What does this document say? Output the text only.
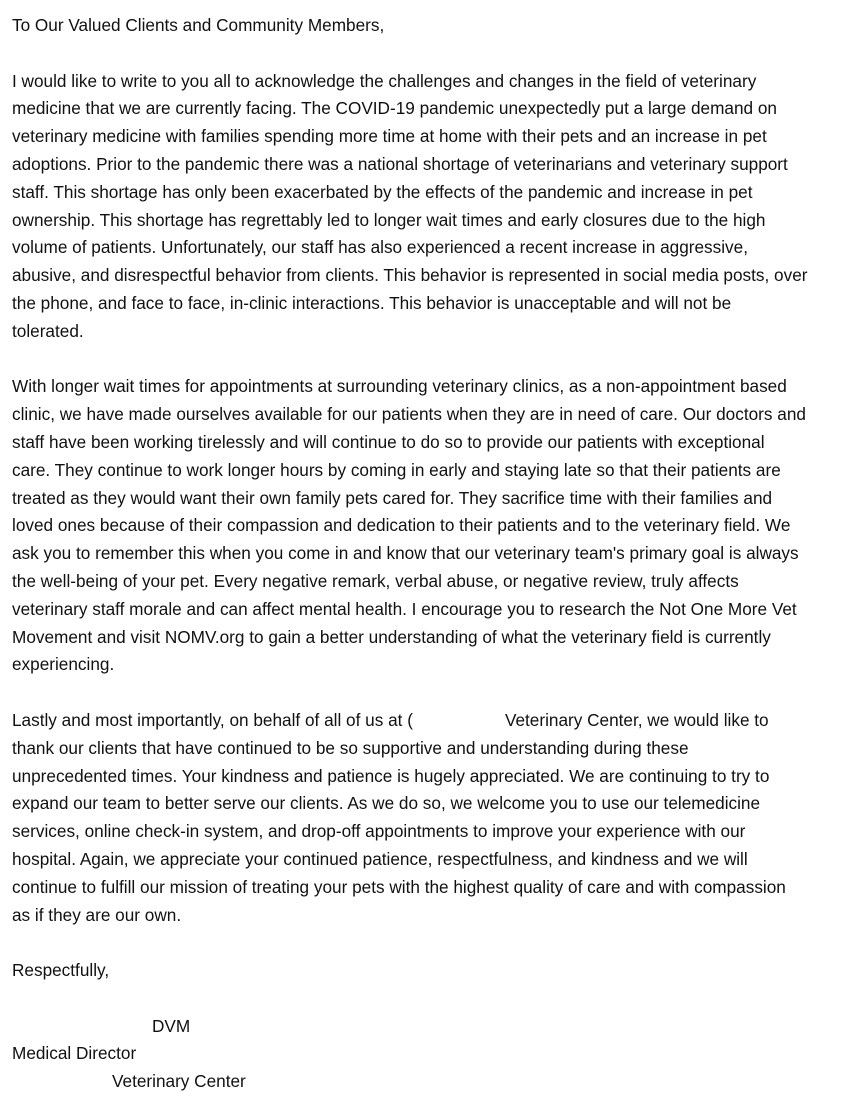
To Our Valued Clients and Community Members,

I would like to write to you all to acknowledge the challenges and changes in the field of veterinary
medicine that we are currently facing. The COVID-19 pandemic unexpectedly put a large demand on
veterinary medicine with families spending more time at home with their pets and an increase in pet
adoptions. Prior to the pandemic there was a national shortage of veterinarians and veterinary support
staff. This shortage has only been exacerbated by the effects of the pandemic and increase in pet
ownership. This shortage has regrettably led to longer wait times and early closures due to the high
volume of patients. Unfortunately, our staff has also experienced a recent increase in aggressive,
abusive, and disrespectful behavior from clients. This behavior is represented in social media posts, over
the phone, and face to face, in-clinic interactions. This behavior is unacceptable and will not be
tolerated.

With longer wait times for appointments at surrounding veterinary clinics, as a non-appointment based
clinic, we have made ourselves available for our patients when they are in need of care. Our doctors and
staff have been working tirelessly and will continue to do so to provide our patients with exceptional
care. They continue to work longer hours by coming in early and staying late so that their patients are
treated as they would want their own family pets cared for. They sacrifice time with their families and
loved ones because of their compassion and dedication to their patients and to the veterinary field. We
ask you to remember this when you come in and know that our veterinary team's primary goal is always
the well-being of your pet. Every negative remark, verbal abuse, or negative review, truly affects
veterinary staff morale and can affect mental health. I encourage you to research the Not One More Vet
Movement and visit NOMV.org to gain a better understanding of what the veterinary field is currently
experiencing.

Lastly and most importantly, on behalf of all of us at (	Veterinary Center, we would like to
thank our clients that have continued to be so supportive and understanding during these
unprecedented times. Your kindness and patience is hugely appreciated. We are continuing to try to
expand our team to better serve our clients. As we do so, we welcome you to use our telemedicine
services, online check-in system, and drop-off appointments to improve your experience with our
hospital. Again, we appreciate your continued patience, respectfulness, and kindness and we will
continue to fulfill our mission of treating your pets with the highest quality of care and with compassion
as if they are our own.

Respectfully,

DVM
Medical Director
Veterinary Center
